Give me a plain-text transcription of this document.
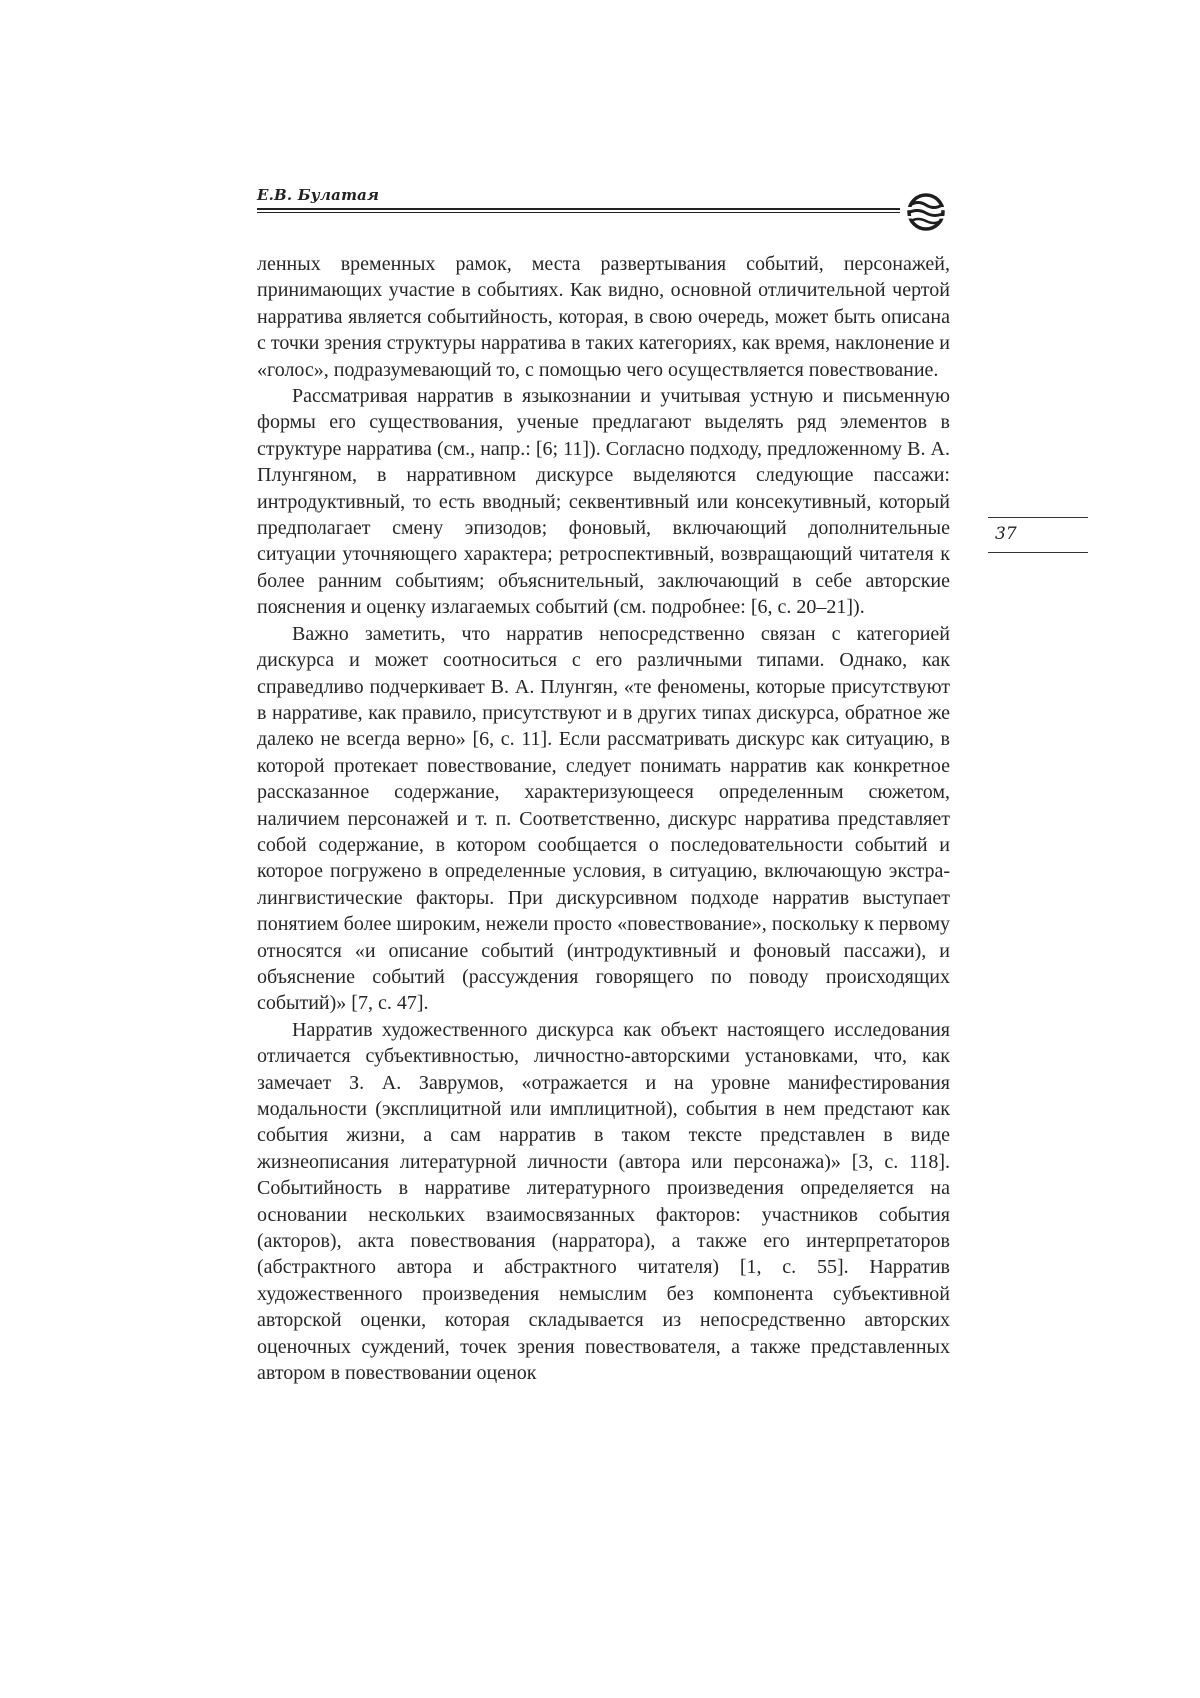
Е.В. Булатая
37

ленных временных рамок, места развертывания событий, персонажей, принимающих участие в событиях. Как видно, основной отличительной чертой нарратива является событийность, которая, в свою очередь, может быть описана с точки зрения структуры нарратива в таких категориях, как время, наклонение и «голос», подразумевающий то, с помощью чего осуществляется повествование.

Рассматривая нарратив в языкознании и учитывая устную и письменную формы его существования, ученые предлагают выделять ряд элементов в структуре нарратива (см., напр.: [6; 11]). Согласно подходу, предложенному В. А. Плунгяном, в нарративном дискурсе выделяются следующие пассажи: интродуктивный, то есть вводный; секвентивный или консекутивный, который предполагает смену эпизодов; фоновый, включающий дополнительные ситуации уточняющего характера; ретроспективный, возвращающий читателя к более ранним событиям; объяснительный, заключающий в себе авторские пояснения и оценку излагаемых событий (см. подробнее: [6, с. 20–21]).

Важно заметить, что нарратив непосредственно связан с категорией дискурса и может соотноситься с его различными типами. Однако, как справедливо подчеркивает В. А. Плунгян, «те феномены, которые присутствуют в нарративе, как правило, присутствуют и в других типах дискурса, обратное же далеко не всегда верно» [6, с. 11]. Если рассматривать дискурс как ситуацию, в которой протекает повествование, следует понимать нарратив как конкретное рассказанное содержание, характеризующееся определенным сюжетом, наличием персонажей и т. п. Соответственно, дискурс нарратива представляет собой содержание, в котором сообщается о последовательности событий и которое погружено в определенные условия, в ситуацию, включающую экстралингвистические факторы. При дискурсивном подходе нарратив выступает понятием более широким, нежели просто «повествование», поскольку к первому относятся «и описание событий (интродуктивный и фоновый пассажи), и объяснение событий (рассуждения говорящего по поводу происходящих событий)» [7, с. 47].

Нарратив художественного дискурса как объект настоящего исследования отличается субъективностью, личностно-авторскими установками, что, как замечает З. А. Заврумов, «отражается и на уровне манифестирования модальности (эксплицитной или имплицитной), события в нем предстают как события жизни, а сам нарратив в таком тексте представлен в виде жизнеописания литературной личности (автора или персонажа)» [3, с. 118]. Событийность в нарративе литературного произведения определяется на основании нескольких взаимосвязанных факторов: участников события (акторов), акта повествования (нарратора), а также его интерпретаторов (абстрактного автора и абстрактного читателя) [1, с. 55]. Нарратив художественного произведения немыслим без компонента субъективной авторской оценки, которая складывается из непосредственно авторских оценочных суждений, точек зрения повествователя, а также представленных автором в повествовании оценок
